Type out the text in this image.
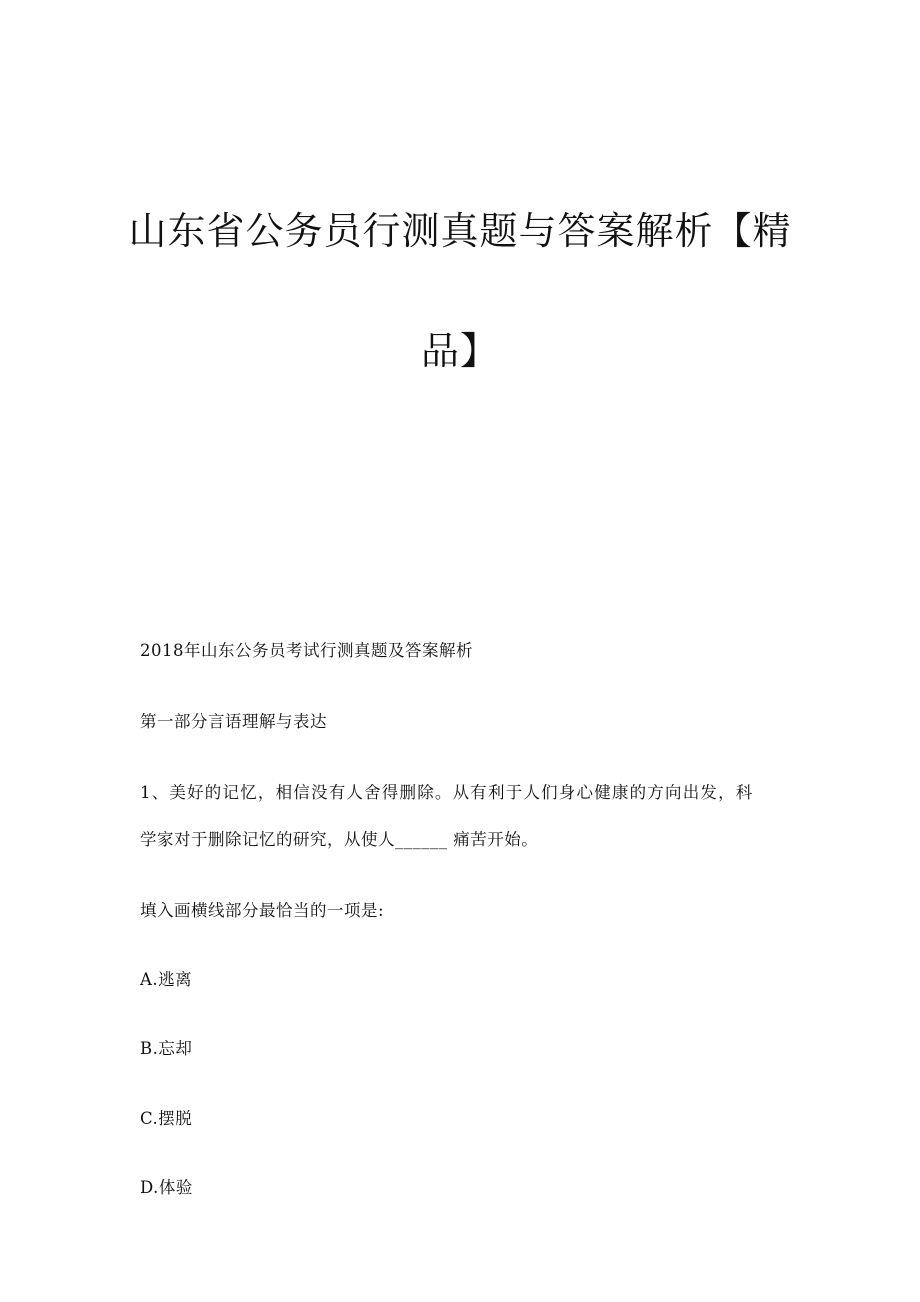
山东省公务员行测真题与答案解析【精
品】

2018年山东公务员考试行测真题及答案解析

第一部分言语理解与表达

1、美好的记忆，相信没有人舍得删除。从有利于人们身心健康的方向出发，科

学家对于删除记忆的研究，从使人______ 痛苦开始。

填入画横线部分最恰当的一项是:

A.逃离

B.忘却

C.摆脱

D.体验
